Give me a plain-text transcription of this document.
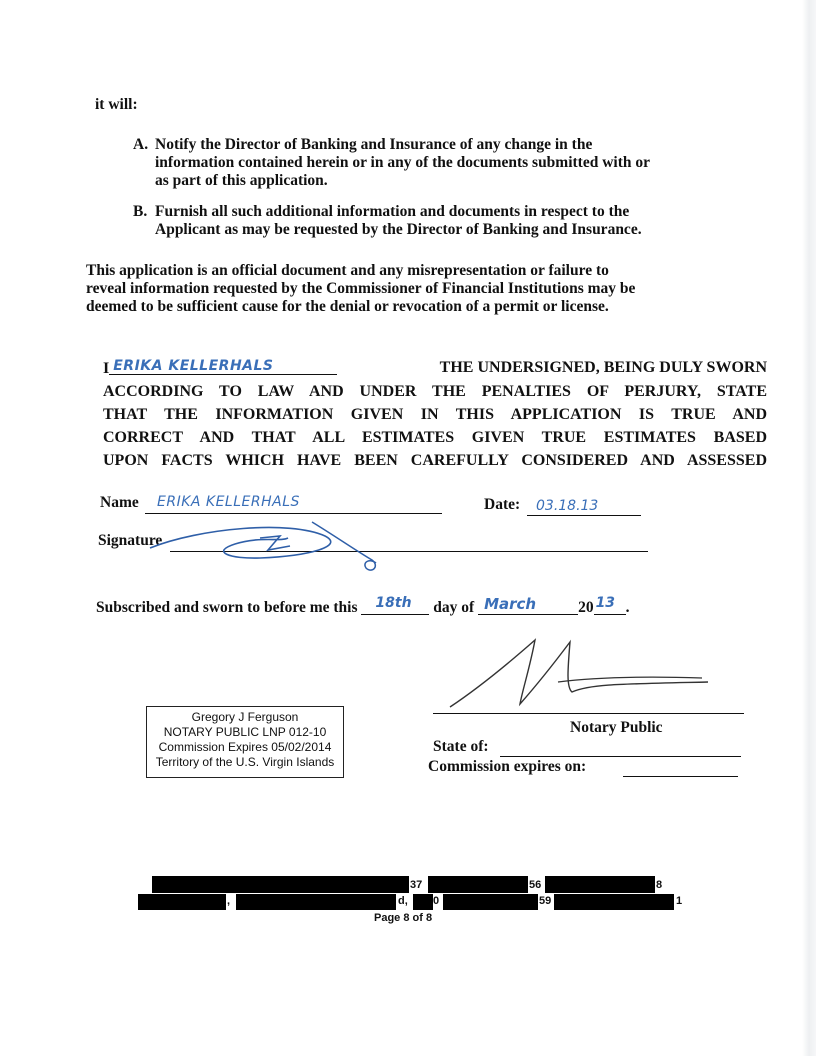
it will:
A. Notify the Director of Banking and Insurance of any change in the
information contained herein or in any of the documents submitted with or
as part of this application.
B. Furnish all such additional information and documents in respect to the
Applicant as may be requested by the Director of Banking and Insurance.
This application is an official document and any misrepresentation or failure to
reveal information requested by the Commissioner of Financial Institutions may be
deemed to be sufficient cause for the denial or revocation of a permit or license.
I ERIKA KELLERHALS	THE UNDERSIGNED, BEING DULY SWORN
ACCORDING TO LAW AND UNDER THE PENALTIES OF PERJURY, STATE
THAT THE INFORMATION GIVEN IN THIS APPLICATION IS TRUE AND
CORRECT AND THAT ALL ESTIMATES GIVEN TRUE ESTIMATES BASED
UPON FACTS WHICH HAVE BEEN CAREFULLY CONSIDERED AND ASSESSED
Name ERIKA KELLERHALS	Date: 03.18.13
Signature
Subscribed and sworn to before me this 18th day of March	20 13 .
Notary Public
Gregory J Ferguson
NOTARY PUBLIC LNP 012-10
Commission Expires 05/02/2014
Territory of the U.S. Virgin Islands
State of:
Commission expires on:
37	56	8
,	d, 0	59	1
Page 8 of 8
